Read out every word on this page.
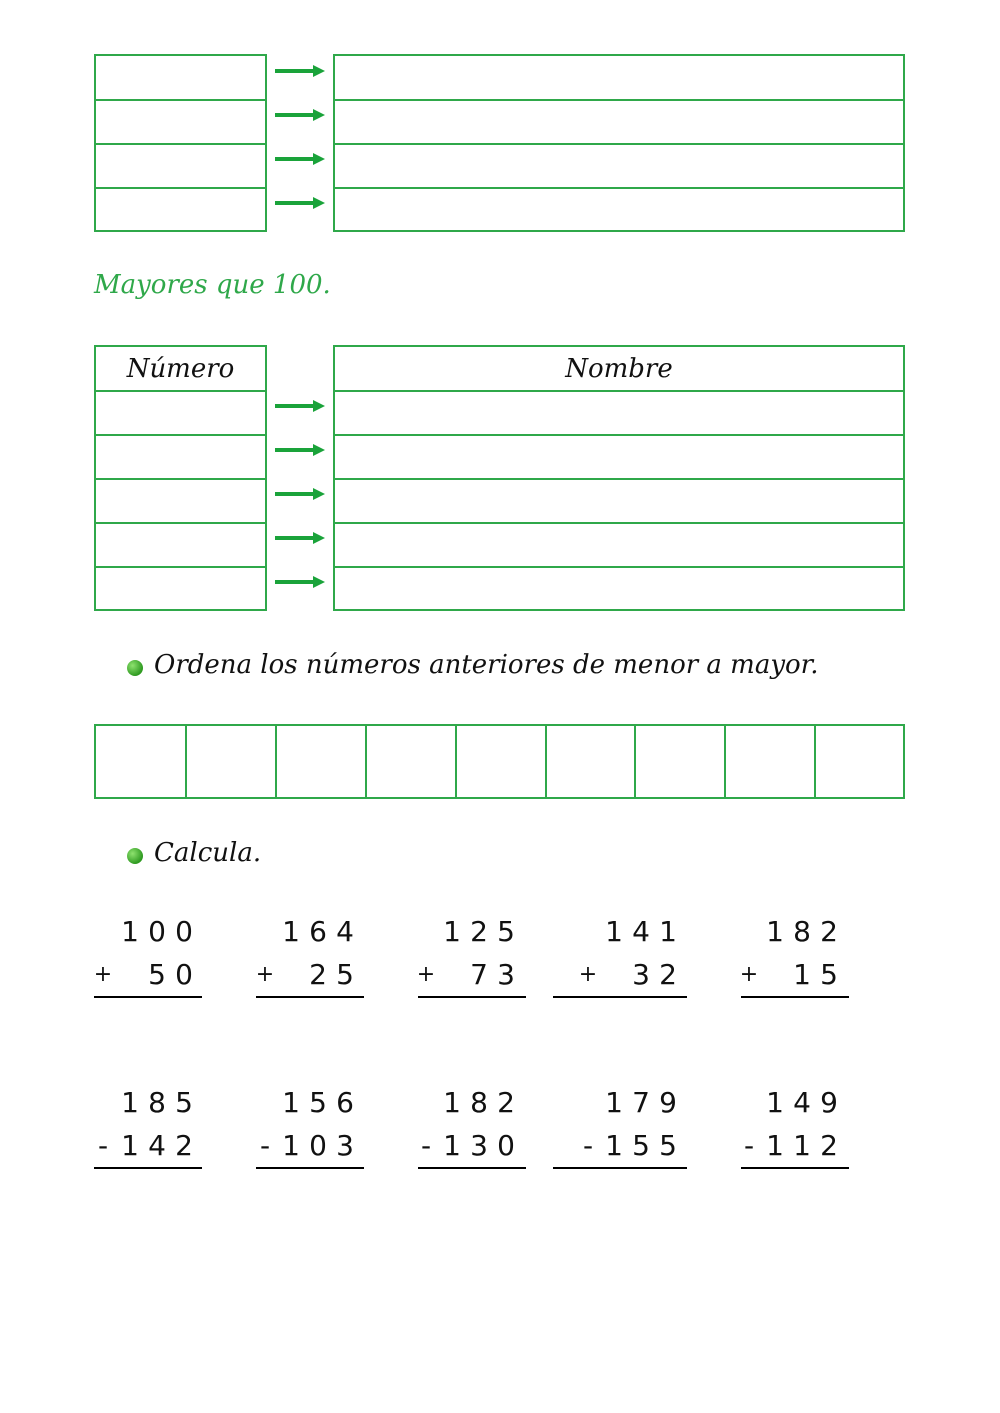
Mayores que 100.
Número	Nombre
Ordena los números anteriores de menor a mayor.
Calcula.
1 0 0
+ 5 0
1 6 4
+ 2 5
1 2 5
+ 7 3
1 4 1
+ 3 2
1 8 2
+ 1 5
1 8 5
- 1 4 2
1 5 6
- 1 0 3
1 8 2
- 1 3 0
1 7 9
- 1 5 5
1 4 9
- 1 1 2
